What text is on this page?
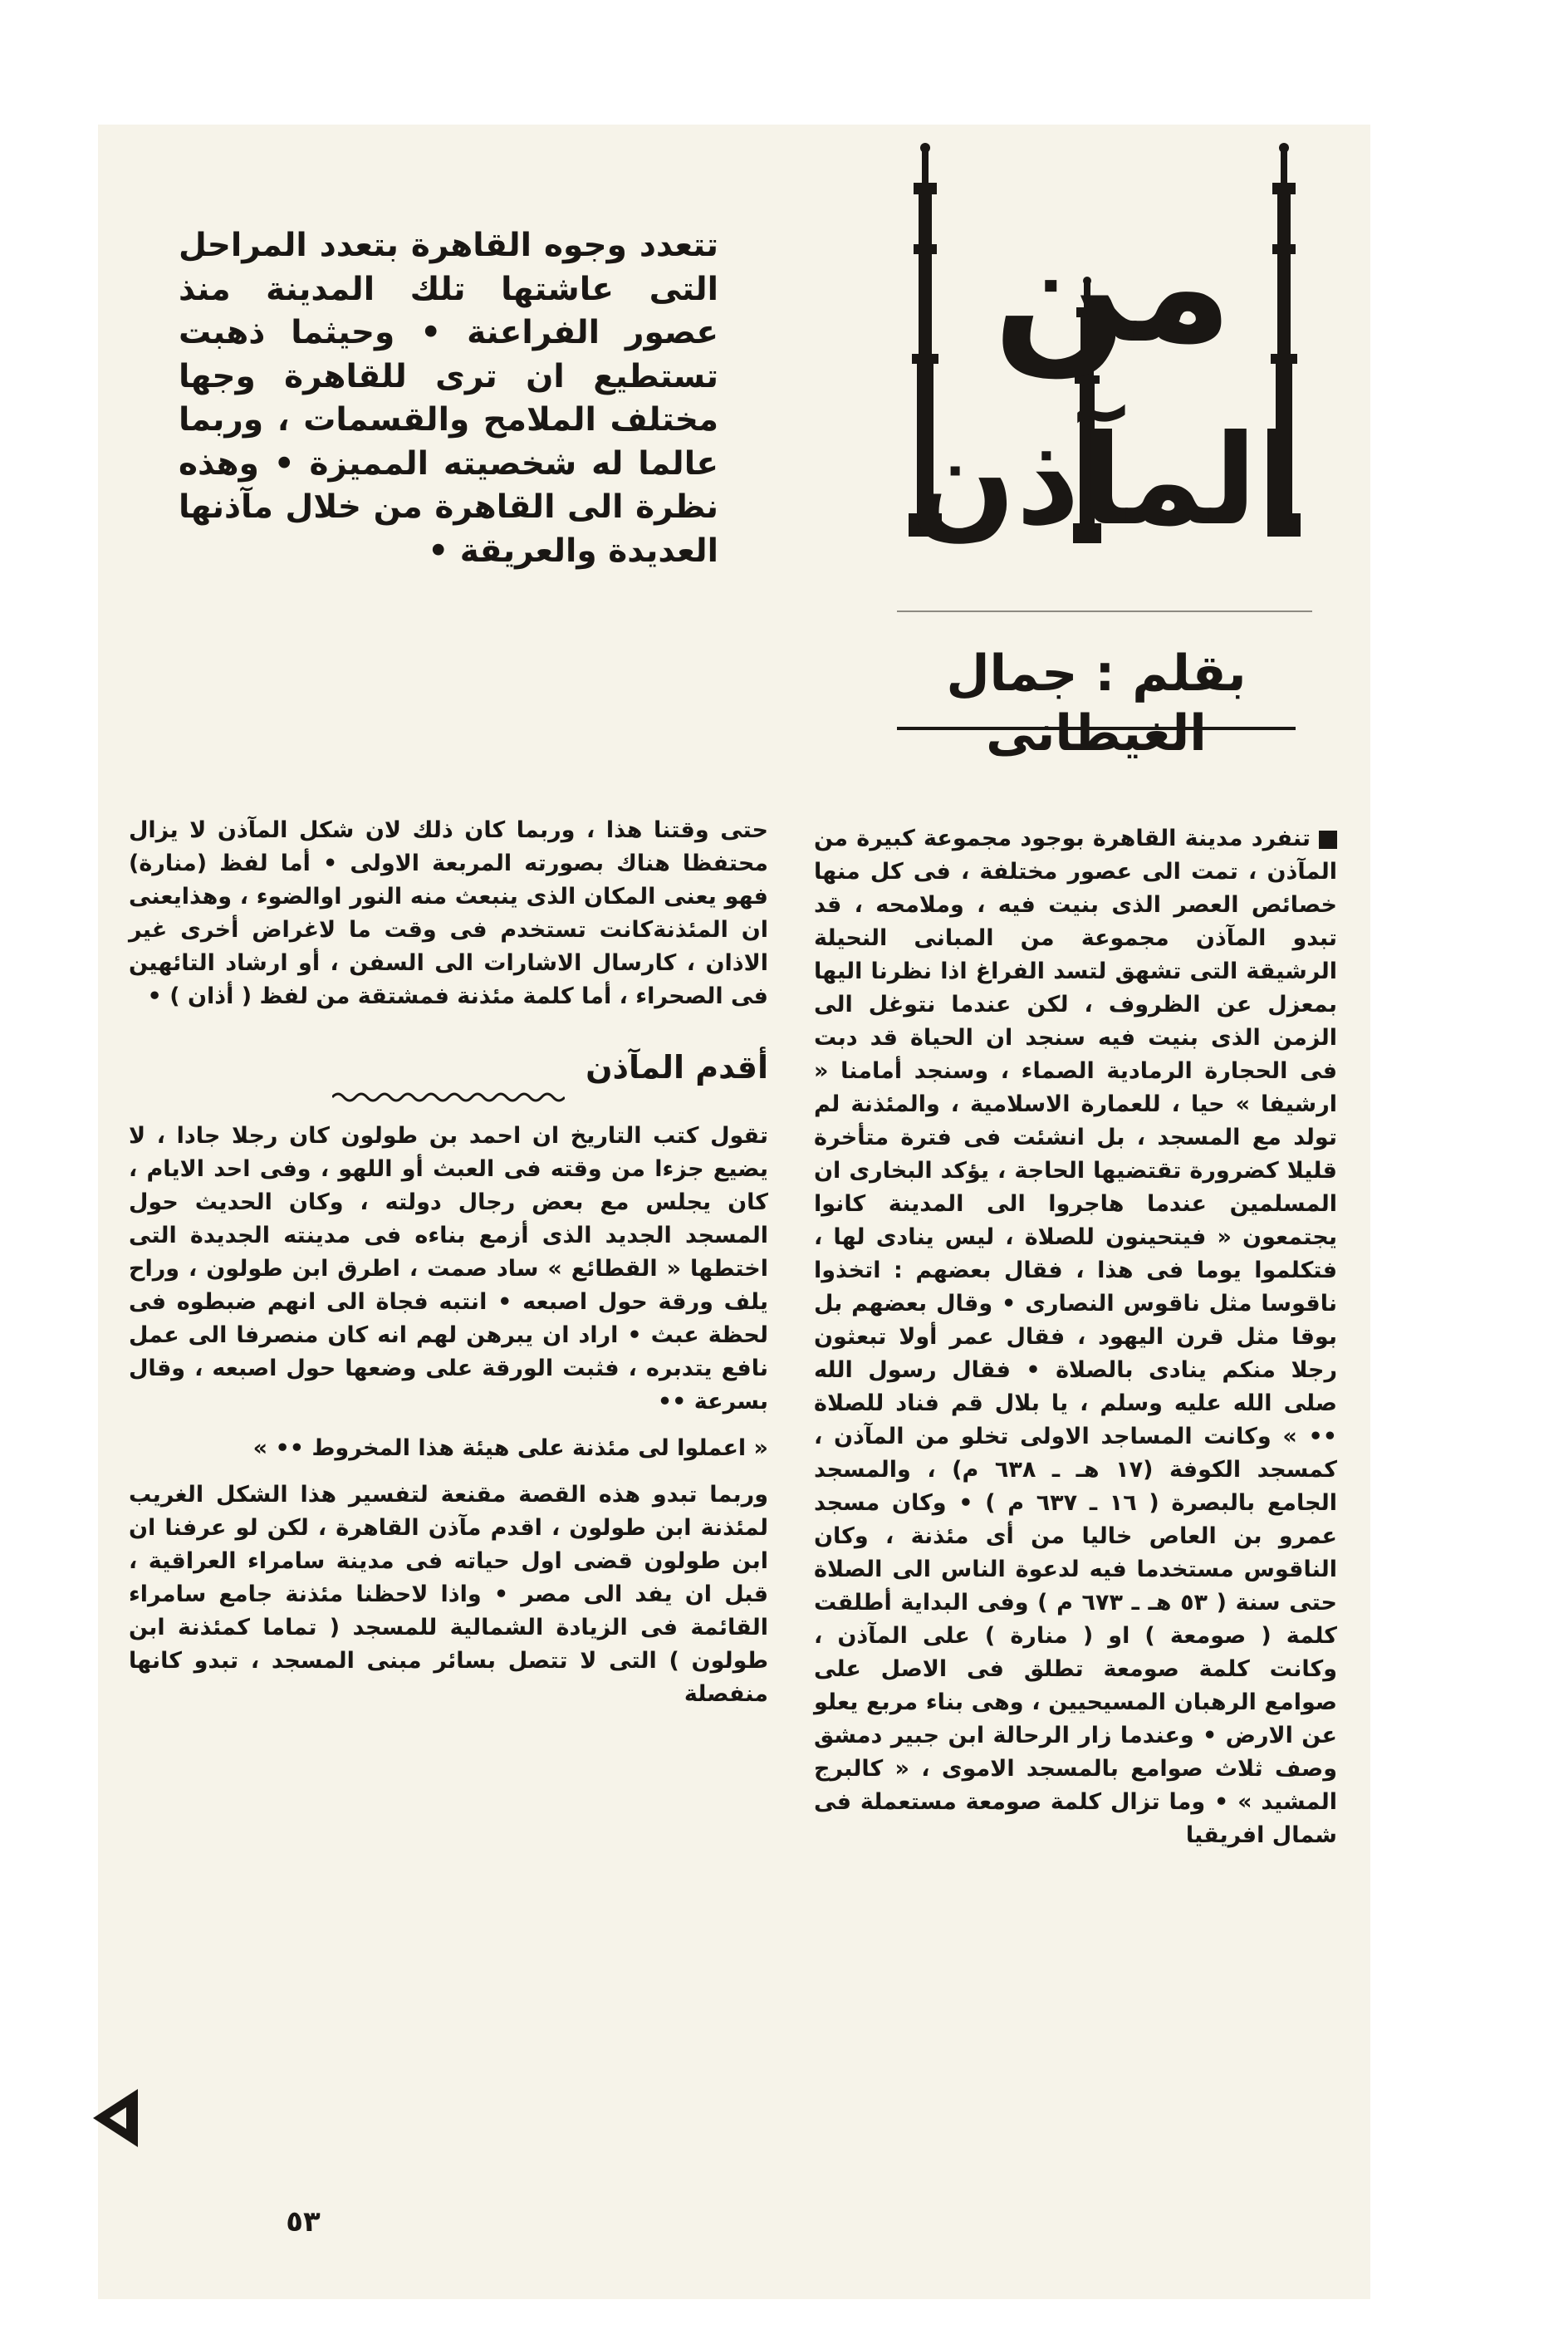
من
المآذن
بقلم : جمال الغيطانى
تتعدد وجوه القاهرة بتعدد المراحل التى عاشتها تلك المدينة منذ عصور الفراعنة • وحيثما ذهبت تستطيع ان ترى للقاهرة وجها مختلف الملامح والقسمات ، وربما عالما له شخصيته المميزة • وهذه نظرة الى القاهرة من خلال مآذنها العديدة والعريقة •

تنفرد مدينة القاهرة بوجود مجموعة كبيرة من المآذن ، تمت الى عصور مختلفة ، فى كل منها خصائص العصر الذى بنيت فيه ، وملامحه ، قد تبدو المآذن مجموعة من المبانى النحيلة الرشيقة التى تشهق لتسد الفراغ اذا نظرنا اليها بمعزل عن الظروف ، لكن عندما نتوغل الى الزمن الذى بنيت فيه سنجد ان الحياة قد دبت فى الحجارة الرمادية الصماء ، وسنجد أمامنا « ارشيفا » حيا ، للعمارة الاسلامية ، والمئذنة لم تولد مع المسجد ، بل انشئت فى فترة متأخرة قليلا كضرورة تقتضيها الحاجة ، يؤكد البخارى ان المسلمين عندما هاجروا الى المدينة كانوا يجتمعون « فيتحينون للصلاة ، ليس ينادى لها ، فتكلموا يوما فى هذا ، فقال بعضهم : اتخذوا ناقوسا مثل ناقوس النصارى • وقال بعضهم بل بوقا مثل قرن اليهود ، فقال عمر أولا تبعثون رجلا منكم ينادى بالصلاة • فقال رسول الله صلى الله عليه وسلم ، يا بلال قم فناد للصلاة •• » وكانت المساجد الاولى تخلو من المآذن ، كمسجد الكوفة (١٧ هـ ـ ٦٣٨ م) ، والمسجد الجامع بالبصرة ( ١٦ ـ ٦٣٧ م ) • وكان مسجد عمرو بن العاص خاليا من أى مئذنة ، وكان الناقوس مستخدما فيه لدعوة الناس الى الصلاة حتى سنة ( ٥٣ هـ ـ ٦٧٣ م ) وفى البداية أطلقت كلمة ( صومعة ) او ( منارة ) على المآذن ، وكانت كلمة صومعة تطلق فى الاصل على صوامع الرهبان المسيحيين ، وهى بناء مربع يعلو عن الارض • وعندما زار الرحالة ابن جبير دمشق وصف ثلاث صوامع بالمسجد الاموى ، « كالبرج المشيد » • وما تزال كلمة صومعة مستعملة فى شمال افريقيا

حتى وقتنا هذا ، وربما كان ذلك لان شكل المآذن لا يزال محتفظا هناك بصورته المربعة الاولى • أما لفظ (منارة) فهو يعنى المكان الذى ينبعث منه النور اوالضوء ، وهذايعنى ان المئذنةكانت تستخدم فى وقت ما لاغراض أخرى غير الاذان ، كارسال الاشارات الى السفن ، أو ارشاد التائهين فى الصحراء ، أما كلمة مئذنة فمشتقة من لفظ ( أذان ) •

أقدم المآذن

تقول كتب التاريخ ان احمد بن طولون كان رجلا جادا ، لا يضيع جزءا من وقته فى العبث أو اللهو ، وفى احد الايام ، كان يجلس مع بعض رجال دولته ، وكان الحديث حول المسجد الجديد الذى أزمع بناءه فى مدينته الجديدة التى اختطها « القطائع » ساد صمت ، اطرق ابن طولون ، وراح يلف ورقة حول اصبعه • انتبه فجاة الى انهم ضبطوه فى لحظة عبث • اراد ان يبرهن لهم انه كان منصرفا الى عمل نافع يتدبره ، فثبت الورقة على وضعها حول اصبعه ، وقال بسرعة ••

« اعملوا لى مئذنة على هيئة هذا المخروط •• »

وربما تبدو هذه القصة مقنعة لتفسير هذا الشكل الغريب لمئذنة ابن طولون ، اقدم مآذن القاهرة ، لكن لو عرفنا ان ابن طولون قضى اول حياته فى مدينة سامراء العراقية ، قبل ان يفد الى مصر • واذا لاحظنا مئذنة جامع سامراء القائمة فى الزيادة الشمالية للمسجد ( تماما كمئذنة ابن طولون ) التى لا تتصل بسائر مبنى المسجد ، تبدو كانها منفصلة

٥٣
